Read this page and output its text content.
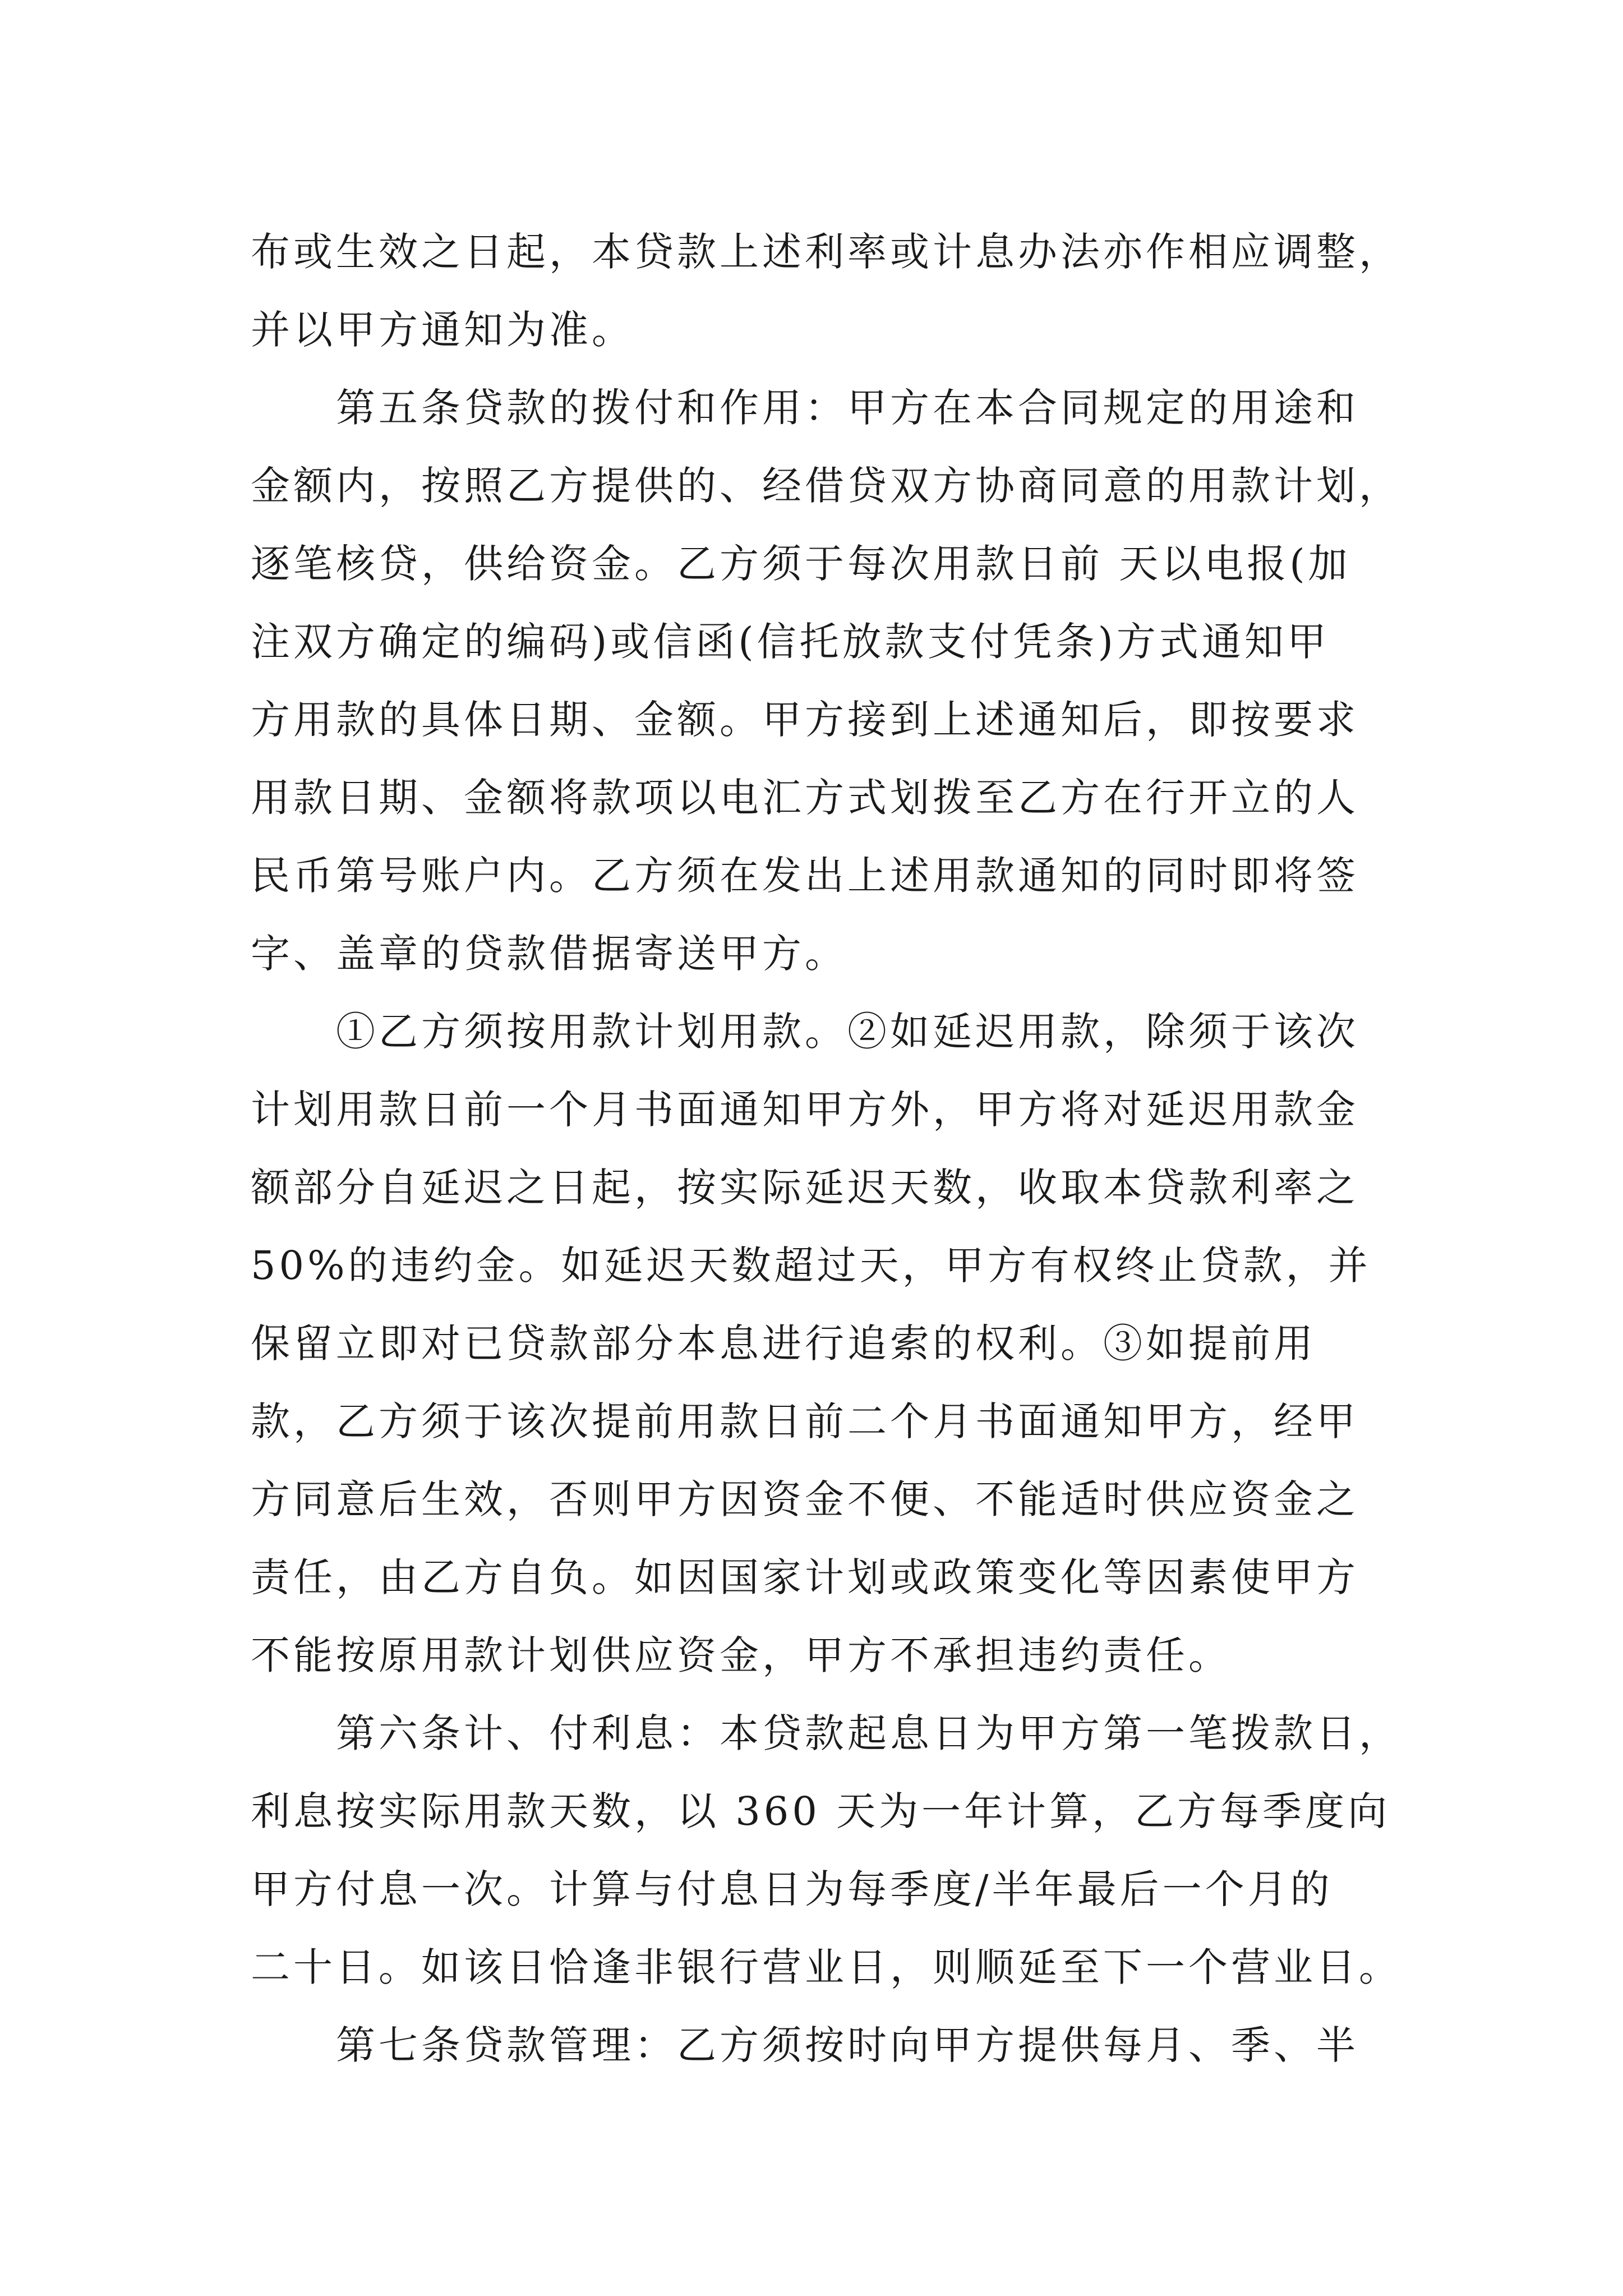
布或生效之日起，本贷款上述利率或计息办法亦作相应调整，
并以甲方通知为准。
第五条贷款的拨付和作用：甲方在本合同规定的用途和
金额内，按照乙方提供的、经借贷双方协商同意的用款计划，
逐笔核贷，供给资金。乙方须于每次用款日前 天以电报(加
注双方确定的编码)或信函(信托放款支付凭条)方式通知甲
方用款的具体日期、金额。甲方接到上述通知后，即按要求
用款日期、金额将款项以电汇方式划拨至乙方在行开立的人
民币第号账户内。乙方须在发出上述用款通知的同时即将签
字、盖章的贷款借据寄送甲方。
①乙方须按用款计划用款。②如延迟用款，除须于该次
计划用款日前一个月书面通知甲方外，甲方将对延迟用款金
额部分自延迟之日起，按实际延迟天数，收取本贷款利率之
50%的违约金。如延迟天数超过天，甲方有权终止贷款，并
保留立即对已贷款部分本息进行追索的权利。③如提前用
款，乙方须于该次提前用款日前二个月书面通知甲方，经甲
方同意后生效，否则甲方因资金不便、不能适时供应资金之
责任，由乙方自负。如因国家计划或政策变化等因素使甲方
不能按原用款计划供应资金，甲方不承担违约责任。
第六条计、付利息：本贷款起息日为甲方第一笔拨款日，
利息按实际用款天数，以 360 天为一年计算，乙方每季度向
甲方付息一次。计算与付息日为每季度/半年最后一个月的
二十日。如该日恰逢非银行营业日，则顺延至下一个营业日。
第七条贷款管理：乙方须按时向甲方提供每月、季、半
